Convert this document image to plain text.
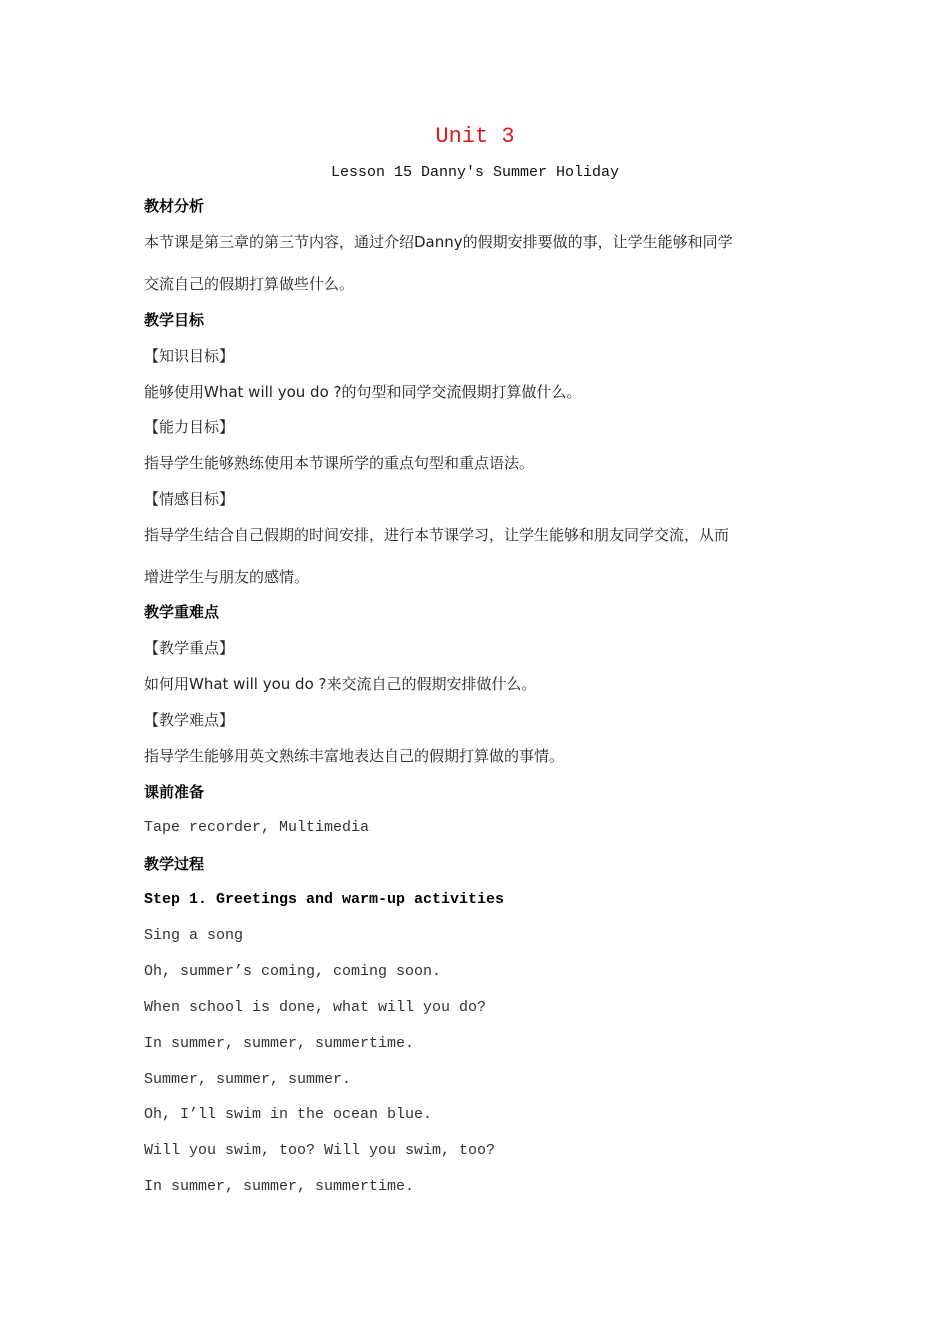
Unit 3
Lesson 15 Danny's Summer Holiday
教材分析
本节课是第三章的第三节内容，通过介绍Danny的假期安排要做的事，让学生能够和同学
交流自己的假期打算做些什么。
教学目标
【知识目标】
能够使用What will you do ?的句型和同学交流假期打算做什么。
【能力目标】
指导学生能够熟练使用本节课所学的重点句型和重点语法。
【情感目标】
指导学生结合自己假期的时间安排，进行本节课学习，让学生能够和朋友同学交流，从而
增进学生与朋友的感情。
教学重难点
【教学重点】
如何用What will you do ?来交流自己的假期安排做什么。
【教学难点】
指导学生能够用英文熟练丰富地表达自己的假期打算做的事情。
课前准备
Tape recorder, Multimedia
教学过程
Step 1. Greetings and warm-up activities
Sing a song
Oh, summer’s coming, coming soon.
When school is done, what will you do?
In summer, summer, summertime.
Summer, summer, summer.
Oh, I’ll swim in the ocean blue.
Will you swim, too? Will you swim, too?
In summer, summer, summertime.
